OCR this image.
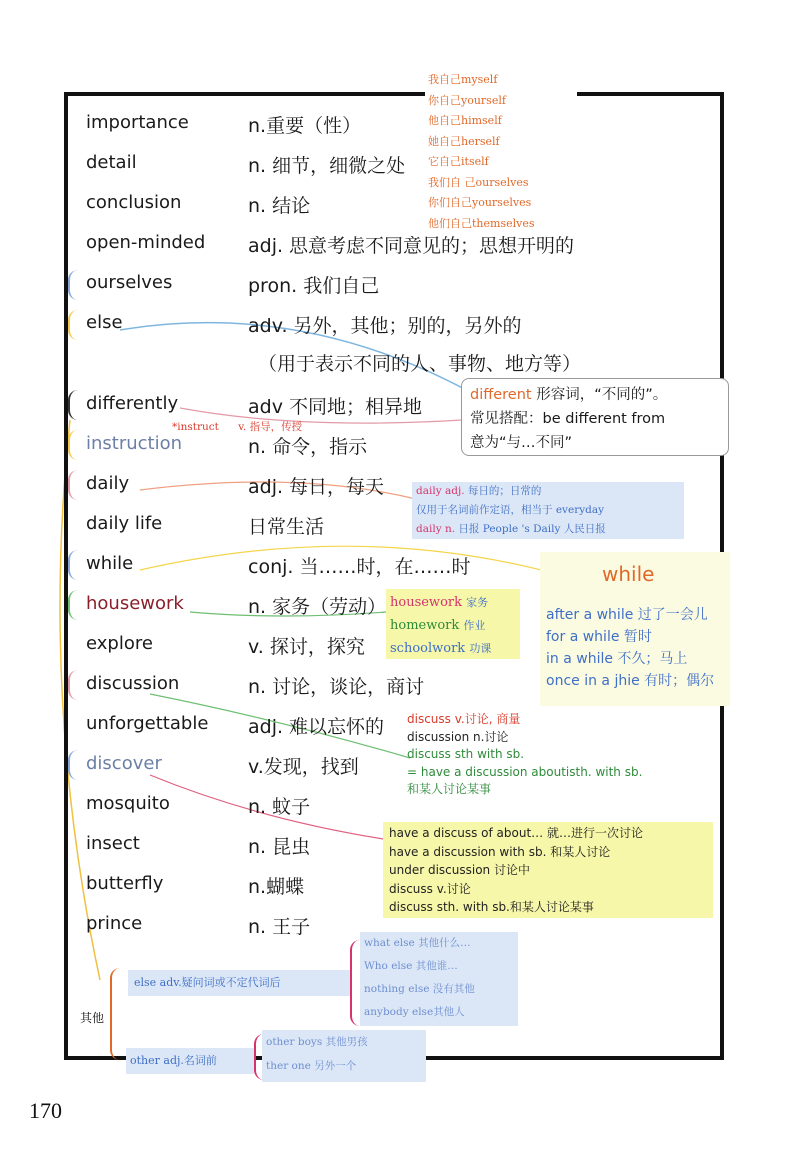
importance	n.重要（性）
detail	n. 细节，细微之处
conclusion	n. 结论
open-minded adj. 思意考虑不同意见的；思想开明的
ourselves	pron. 我们自己
else	adv. 另外，其他；别的，另外的
（用于表示不同的人、事物、地方等）
differently	adv 不同地；相异地
instruction	n. 命令，指示
daily	adj. 每日，每天
daily life	日常生活
while	conj. 当……时，在……时
housework	n. 家务（劳动）
explore	v. 探讨，探究
discussion	n. 讨论，谈论，商讨
unforgettable adj. 难以忘怀的
discover	v.发现，找到
mosquito	n. 蚊子
insect	n. 昆虫
butterfly	n.蝴蝶
prince	n. 王子
我自己myself
你自己yourself
他自己himself
她自己herself
它自己itself
我们自 己ourselves
你们自己yourselves
他们自己themselves
*instruct v. 指导，传授
different 形容词，“不同的”。
常见搭配：be different from
意为“与…不同”
daily adj. 每日的；日常的
仅用于名词前作定语，相当于 everyday
daily n. 日报 People 's Daily 人民日报
while
after a while 过了一会儿
for a while 暂时
in a while 不久；马上
once in a jhie 有时；偶尔
housework 家务
homework 作业
schoolwork 功课
discuss v.讨论, 商量
discussion n.讨论
discuss sth with sb.
= have a discussion aboutisth. with sb.
和某人讨论某事
have a discuss of about… 就…进行一次讨论
have a discussion with sb. 和某人讨论
under discussion 讨论中
discuss v.讨论
discuss sth. with sb.和某人讨论某事
其他
else adv.疑问词或不定代词后
what else 其他什么…
Who else 其他谁…
nothing else 没有其他
anybody else其他人
other adj.名词前
other boys 其他男孩
ther one 另外一个
170
